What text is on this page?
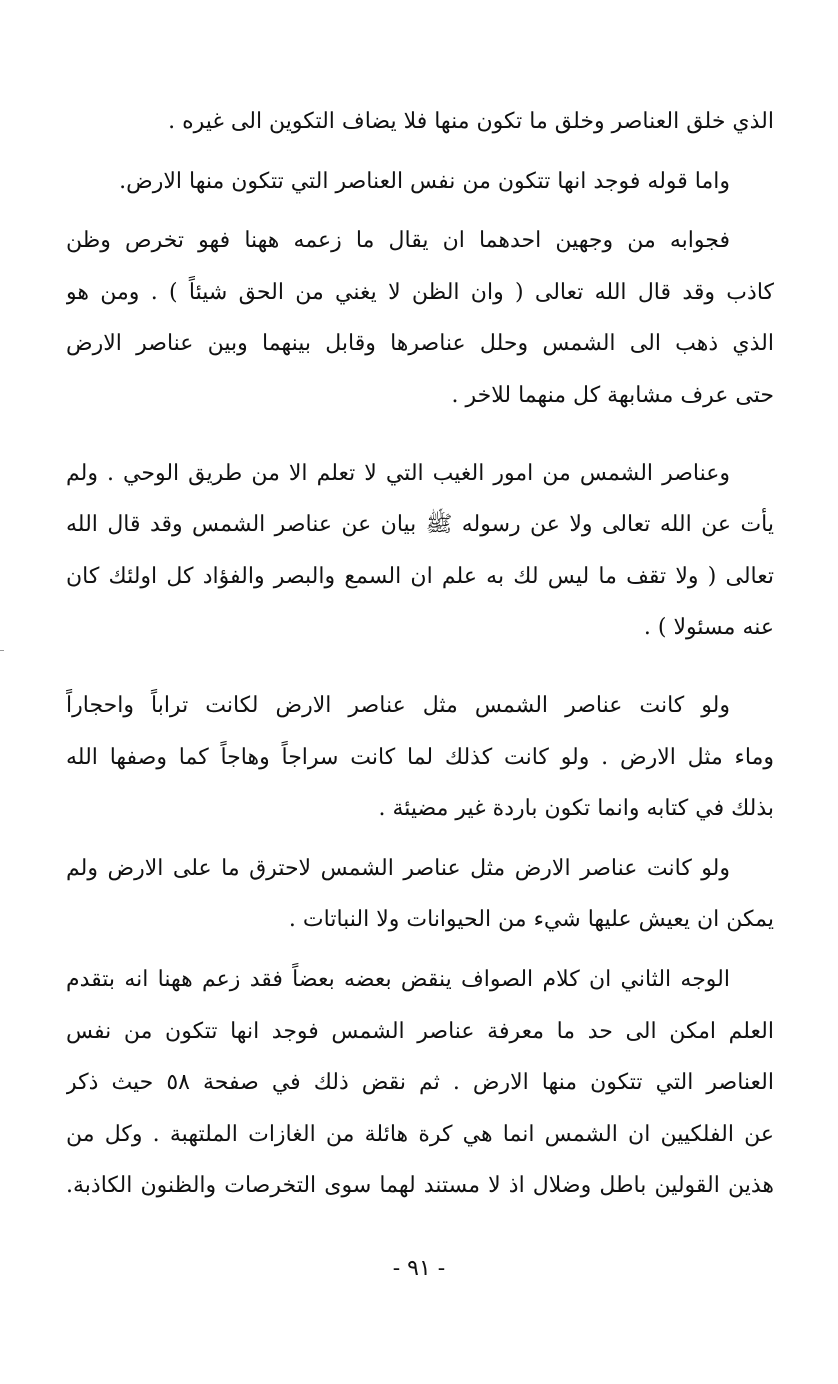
الذي خلق العناصر وخلق ما تكون منها فلا يضاف التكوين الى غيره .

واما قوله فوجد انها تتكون من نفس العناصر التي تتكون منها الارض.

فجوابه من وجهين احدهما ان يقال ما زعمه ههنا فهو تخرص وظن
كاذب وقد قال الله تعالى ( وان الظن لا يغني من الحق شيئاً ) . ومن هو
الذي ذهب الى الشمس وحلل عناصرها وقابل بينهما وبين عناصر الارض
حتى عرف مشابهة كل منهما للاخر .

وعناصر الشمس من امور الغيب التي لا تعلم الا من طريق الوحي . ولم
يأت عن الله تعالى ولا عن رسوله ﷺ بيان عن عناصر الشمس وقد قال الله
تعالى ( ولا تقف ما ليس لك به علم ان السمع والبصر والفؤاد كل اولئك كان
عنه مسئولا ) .

ولو كانت عناصر الشمس مثل عناصر الارض لكانت تراباً واحجاراً
وماء مثل الارض . ولو كانت كذلك لما كانت سراجاً وهاجاً كما وصفها الله
بذلك في كتابه وانما تكون باردة غير مضيئة .

ولو كانت عناصر الارض مثل عناصر الشمس لاحترق ما على الارض ولم
يمكن ان يعيش عليها شيء من الحيوانات ولا النباتات .

الوجه الثاني ان كلام الصواف ينقض بعضه بعضاً فقد زعم ههنا انه بتقدم
العلم امكن الى حد ما معرفة عناصر الشمس فوجد انها تتكون من نفس
العناصر التي تتكون منها الارض . ثم نقض ذلك في صفحة ٥٨ حيث ذكر
عن الفلكيين ان الشمس انما هي كرة هائلة من الغازات الملتهبة . وكل من
هذين القولين باطل وضلال اذ لا مستند لهما سوى التخرصات والظنون الكاذبة.

- ٩١ -
